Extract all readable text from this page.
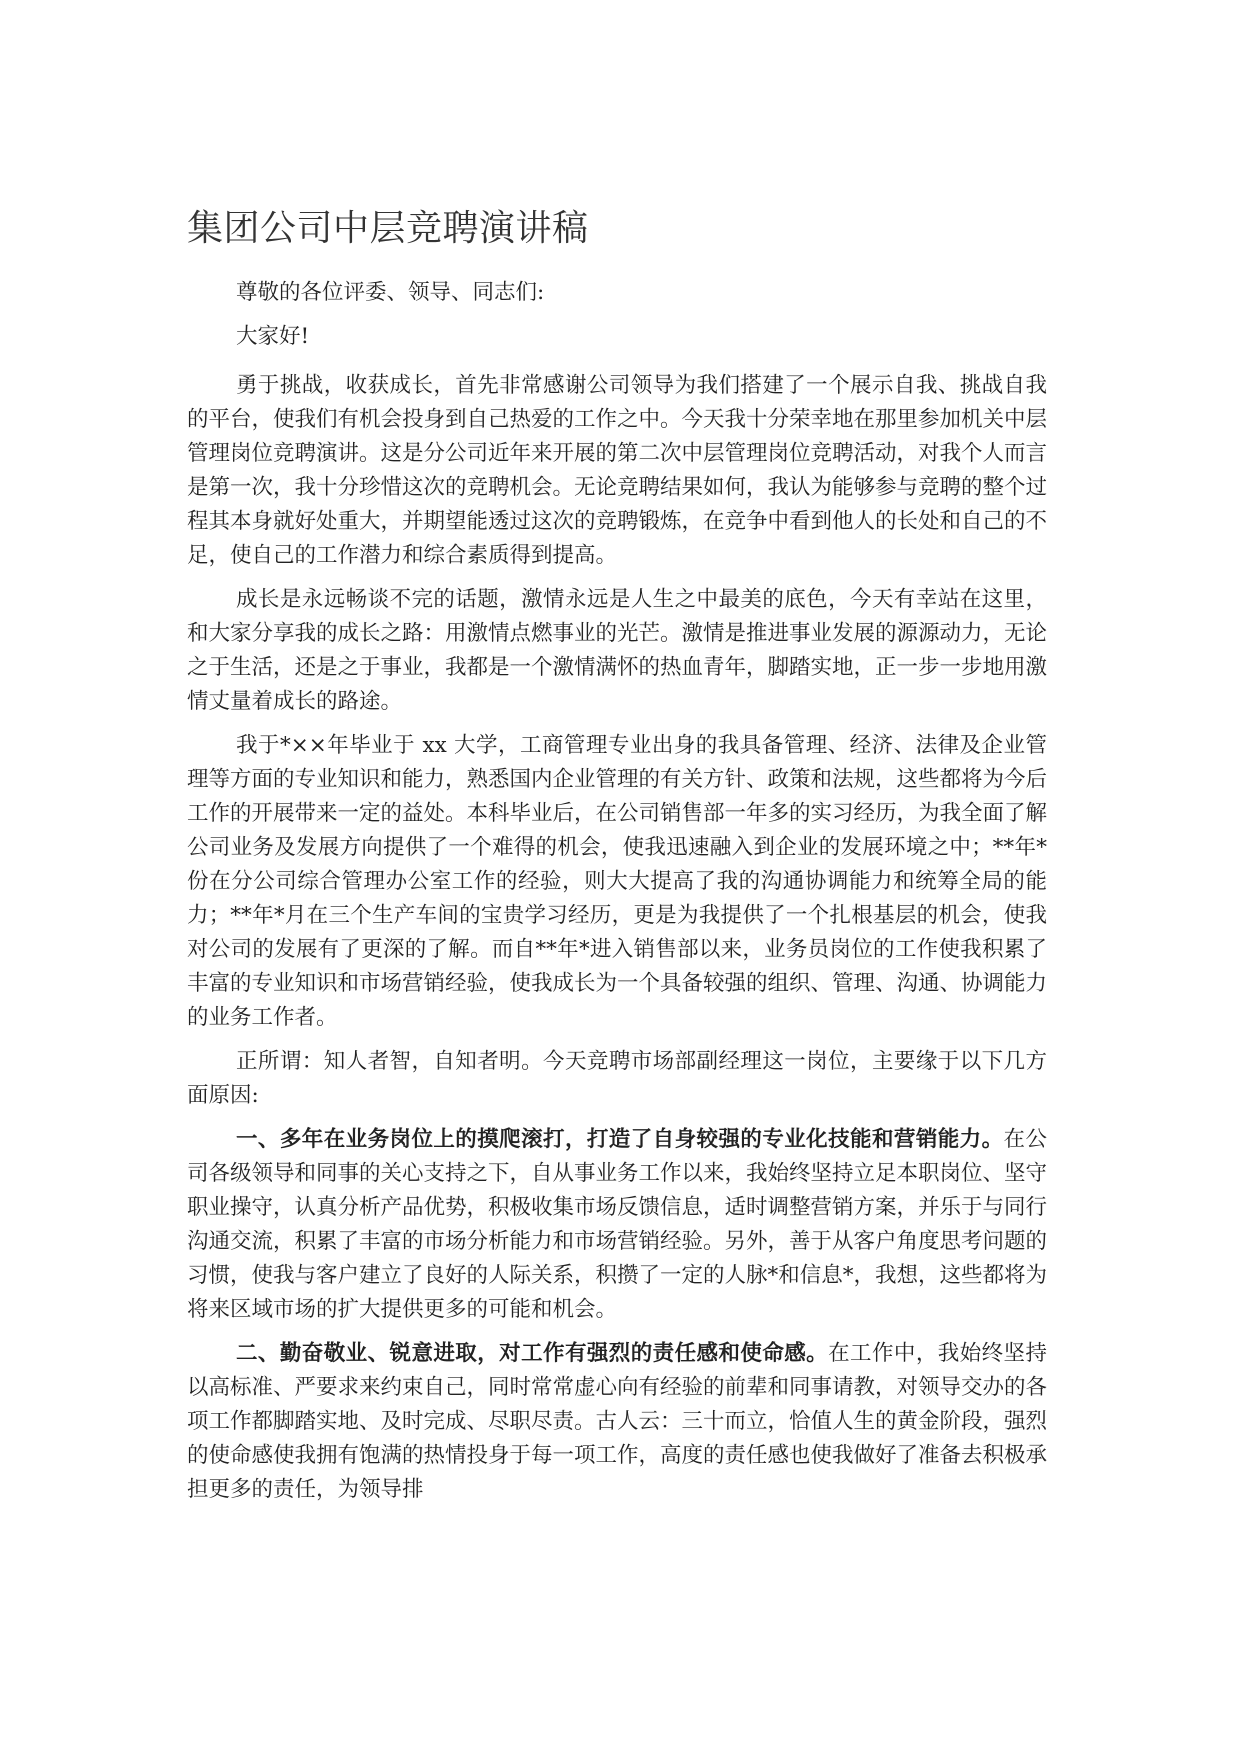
集团公司中层竞聘演讲稿

尊敬的各位评委、领导、同志们:

大家好!

勇于挑战，收获成长，首先非常感谢公司领导为我们搭建了一个展示自我、挑战自我的平台，使我们有机会投身到自己热爱的工作之中。今天我十分荣幸地在那里参加机关中层管理岗位竞聘演讲。这是分公司近年来开展的第二次中层管理岗位竞聘活动，对我个人而言是第一次，我十分珍惜这次的竞聘机会。无论竞聘结果如何，我认为能够参与竞聘的整个过程其本身就好处重大，并期望能透过这次的竞聘锻炼，在竞争中看到他人的长处和自己的不足，使自己的工作潜力和综合素质得到提高。

成长是永远畅谈不完的话题，激情永远是人生之中最美的底色，今天有幸站在这里，和大家分享我的成长之路：用激情点燃事业的光芒。激情是推进事业发展的源源动力，无论之于生活，还是之于事业，我都是一个激情满怀的热血青年，脚踏实地，正一步一步地用激情丈量着成长的路途。

我于*××年毕业于 xx 大学，工商管理专业出身的我具备管理、经济、法律及企业管理等方面的专业知识和能力，熟悉国内企业管理的有关方针、政策和法规，这些都将为今后工作的开展带来一定的益处。本科毕业后，在公司销售部一年多的实习经历，为我全面了解公司业务及发展方向提供了一个难得的机会，使我迅速融入到企业的发展环境之中；**年*份在分公司综合管理办公室工作的经验，则大大提高了我的沟通协调能力和统筹全局的能力；**年*月在三个生产车间的宝贵学习经历，更是为我提供了一个扎根基层的机会，使我对公司的发展有了更深的了解。而自**年*进入销售部以来，业务员岗位的工作使我积累了丰富的专业知识和市场营销经验，使我成长为一个具备较强的组织、管理、沟通、协调能力的业务工作者。

正所谓：知人者智，自知者明。今天竞聘市场部副经理这一岗位，主要缘于以下几方面原因:

一、多年在业务岗位上的摸爬滚打，打造了自身较强的专业化技能和营销能力。在公司各级领导和同事的关心支持之下，自从事业务工作以来，我始终坚持立足本职岗位、坚守职业操守，认真分析产品优势，积极收集市场反馈信息，适时调整营销方案，并乐于与同行沟通交流，积累了丰富的市场分析能力和市场营销经验。另外，善于从客户角度思考问题的习惯，使我与客户建立了良好的人际关系，积攒了一定的人脉*和信息*，我想，这些都将为将来区域市场的扩大提供更多的可能和机会。

二、勤奋敬业、锐意进取，对工作有强烈的责任感和使命感。在工作中，我始终坚持以高标准、严要求来约束自己，同时常常虚心向有经验的前辈和同事请教，对领导交办的各项工作都脚踏实地、及时完成、尽职尽责。古人云：三十而立，恰值人生的黄金阶段，强烈的使命感使我拥有饱满的热情投身于每一项工作，高度的责任感也使我做好了准备去积极承担更多的责任，为领导排
